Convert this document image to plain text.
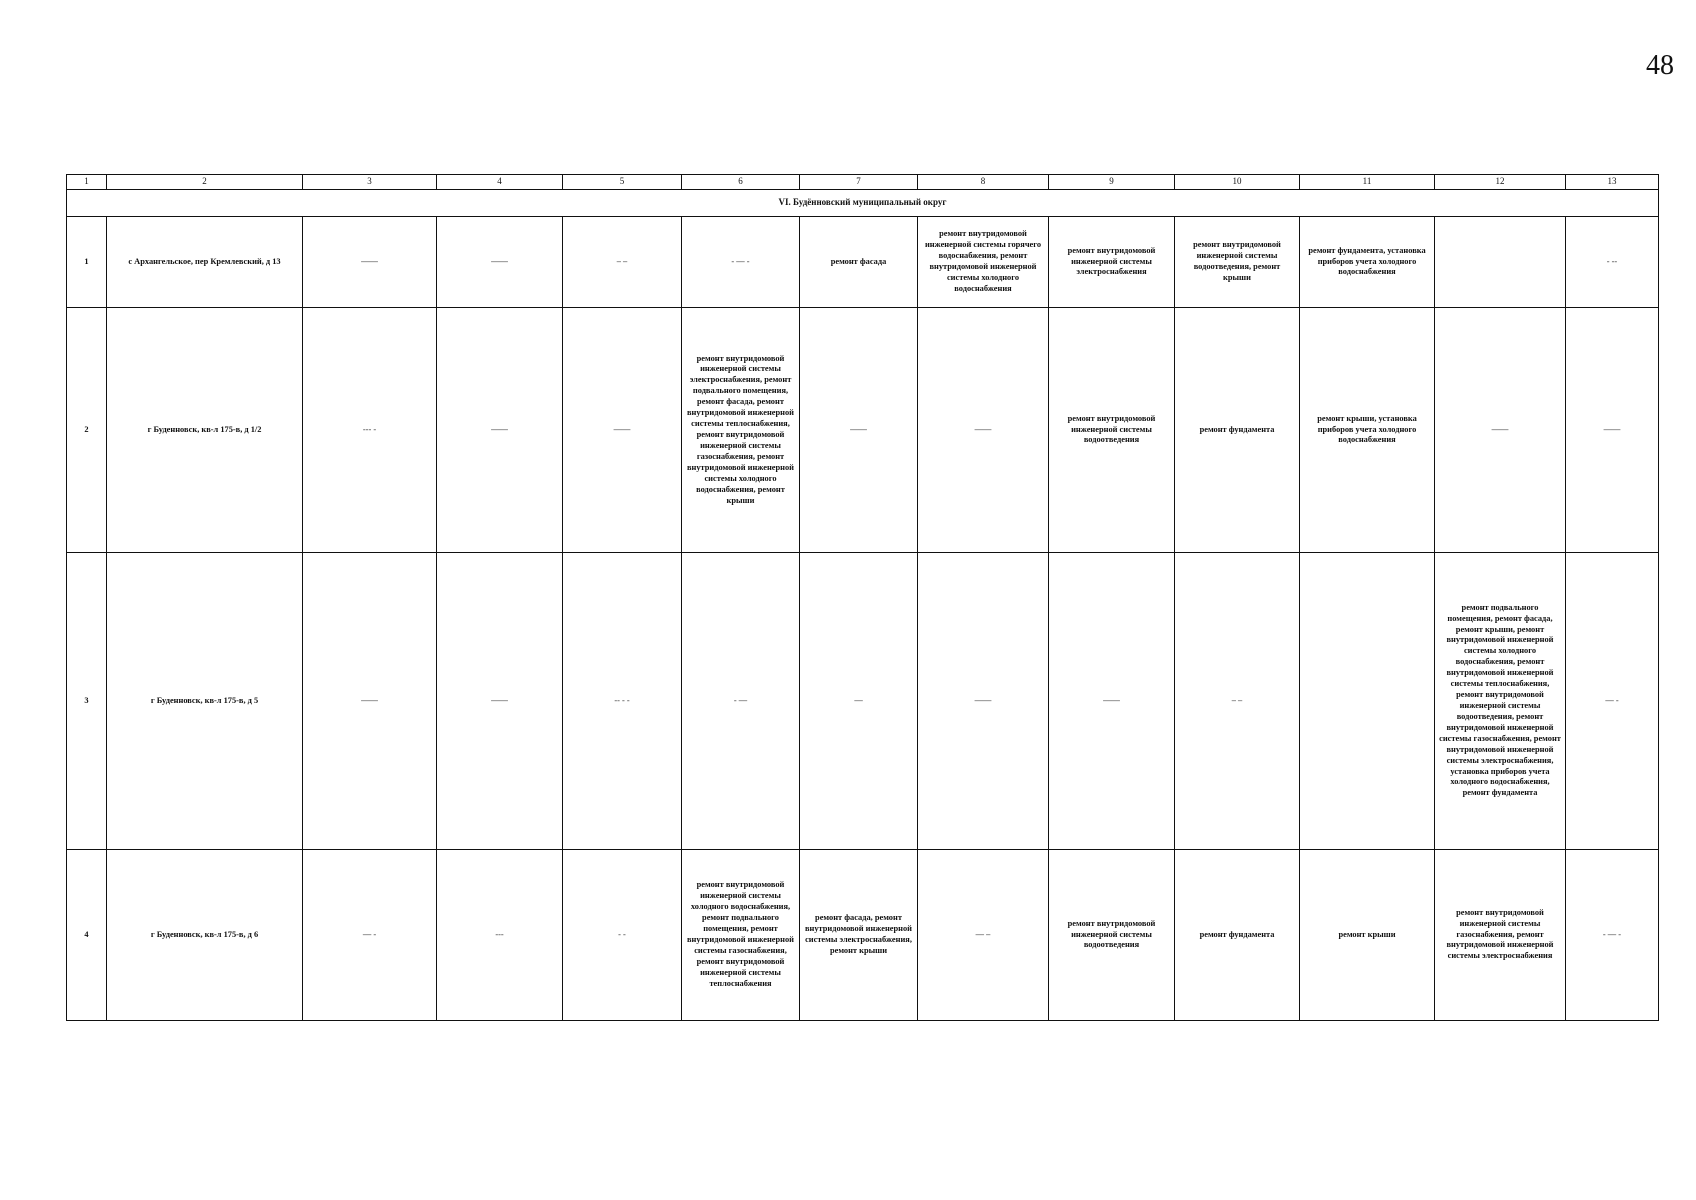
48
1	2	3	4	5	6	7	8	9	10	11	12	13
VI. Будённовский муниципальный округ												
1	с Архангельское, пер Кремлевский, д 13	——	——	– –	- — -	ремонт фасада	ремонт внутридомовой инженерной системы горячего водоснабжения, ремонт внутридомовой инженерной системы холодного водоснабжения	ремонт внутридомовой инженерной системы электроснабжения	ремонт внутридомовой инженерной системы водоотведения, ремонт крыши	ремонт фундамента, установка приборов учета холодного водоснабжения		- --
2	г Буденновск, кв-л 175-в, д 1/2	--- -	——	——	ремонт внутридомовой инженерной системы электроснабжения, ремонт подвального помещения, ремонт фасада, ремонт внутридомовой инженерной системы теплоснабжения, ремонт внутридомовой инженерной системы газоснабжения, ремонт внутридомовой инженерной системы холодного водоснабжения, ремонт крыши	——	——	ремонт внутридомовой инженерной системы водоотведения	ремонт фундамента	ремонт крыши, установка приборов учета холодного водоснабжения	——	——
3	г Буденновск, кв-л 175-в, д 5	——	——	-- - -	- —	—	——	——	– –		ремонт подвального помещения, ремонт фасада, ремонт крыши, ремонт внутридомовой инженерной системы холодного водоснабжения, ремонт внутридомовой инженерной системы теплоснабжения, ремонт внутридомовой инженерной системы водоотведения, ремонт внутридомовой инженерной системы газоснабжения, ремонт внутридомовой инженерной системы электроснабжения, установка приборов учета холодного водоснабжения, ремонт фундамента	— -
4	г Буденновск, кв-л 175-в, д 6	— -	---	- -	ремонт внутридомовой инженерной системы холодного водоснабжения, ремонт подвального помещения, ремонт внутридомовой инженерной системы газоснабжения, ремонт внутридомовой инженерной системы теплоснабжения	ремонт фасада, ремонт внутридомовой инженерной системы электроснабжения, ремонт крыши	— –	ремонт внутридомовой инженерной системы водоотведения	ремонт фундамента	ремонт крыши	ремонт внутридомовой инженерной системы газоснабжения, ремонт внутридомовой инженерной системы электроснабжения	- — -
